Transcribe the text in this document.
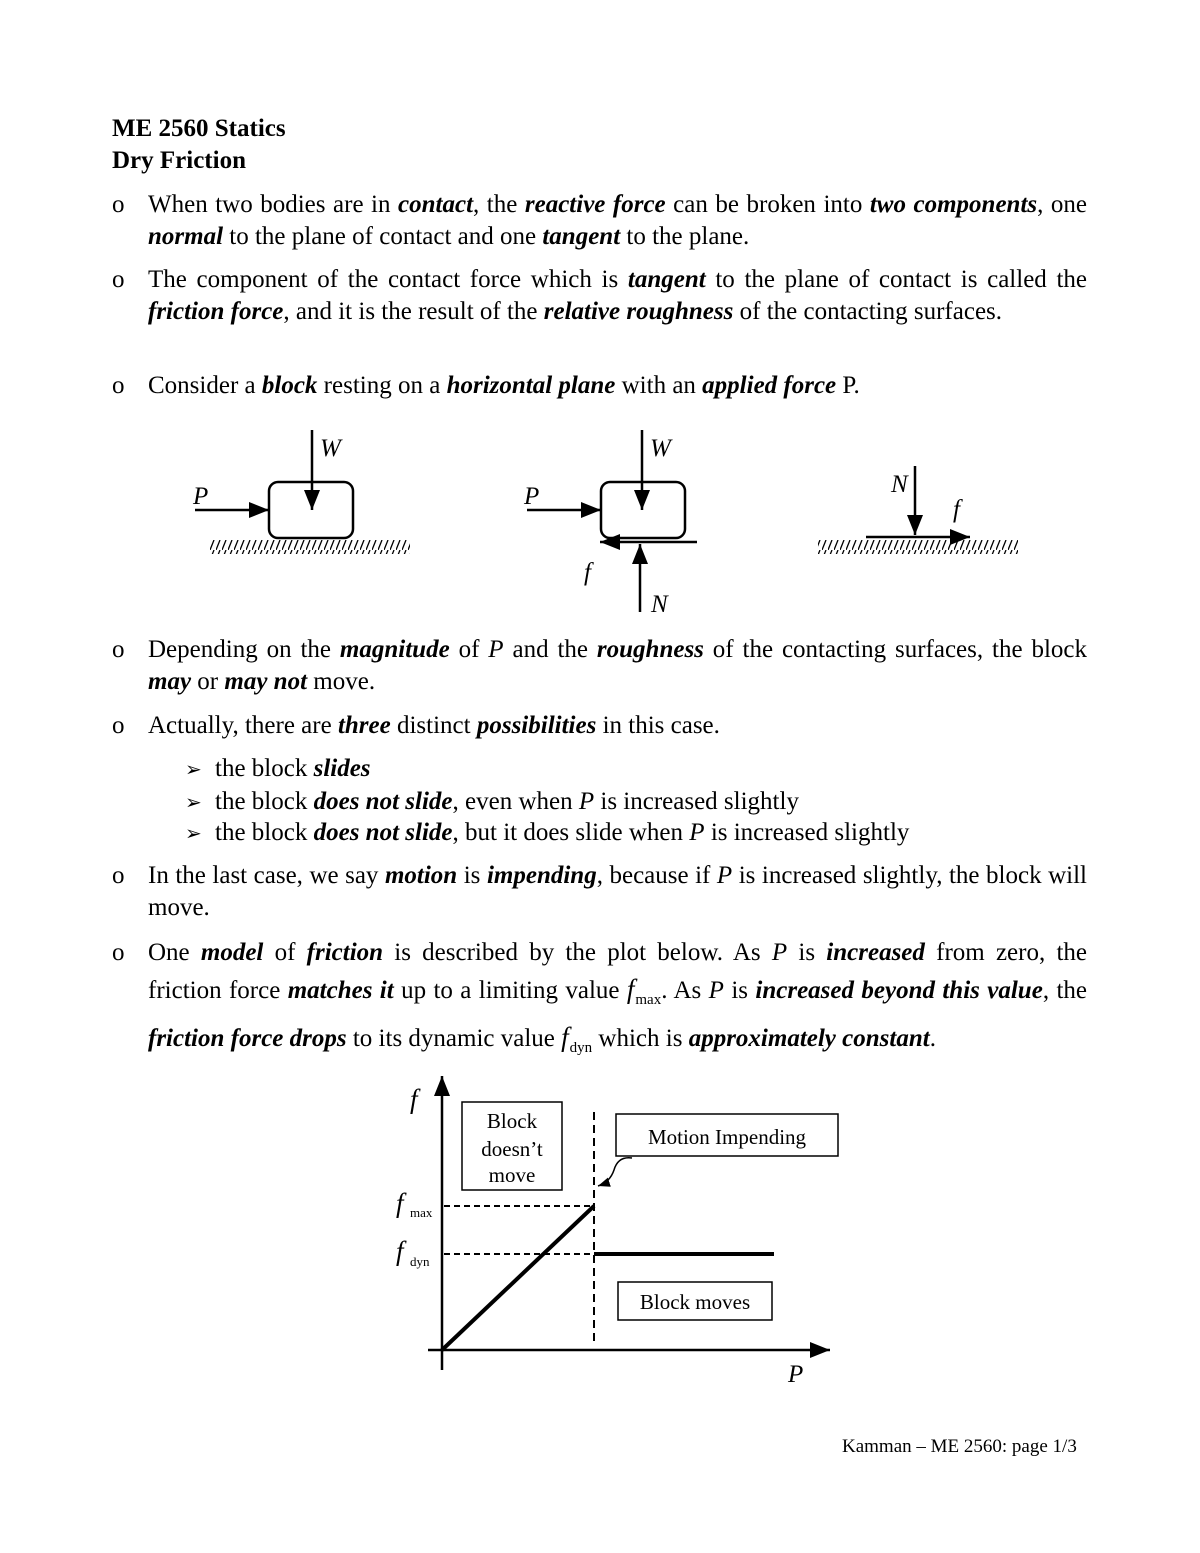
ME 2560 Statics
Dry Friction
o When two bodies are in contact, the reactive force can be broken into two components, one normal to the plane of contact and one tangent to the plane.
o The component of the contact force which is tangent to the plane of contact is called the friction force, and it is the result of the relative roughness of the contacting surfaces.
o Consider a block resting on a horizontal plane with an applied force P.
W
P
W
P
f
N
N
f
o Depending on the magnitude of P and the roughness of the contacting surfaces, the block may or may not move.
o Actually, there are three distinct possibilities in this case.
➢ the block slides
➢ the block does not slide, even when P is increased slightly
➢ the block does not slide, but it does slide when P is increased slightly
o In the last case, we say motion is impending, because if P is increased slightly, the block will move.
o One model of friction is described by the plot below. As P is increased from zero, the friction force matches it up to a limiting value $f_{max}$. As P is increased beyond this value, the friction force drops to its dynamic value $f_{dyn}$ which is approximately constant.
f
P
f max
f dyn
Block
doesn’t
move
Motion Impending
Block moves
Kamman – ME 2560: page 1/3
